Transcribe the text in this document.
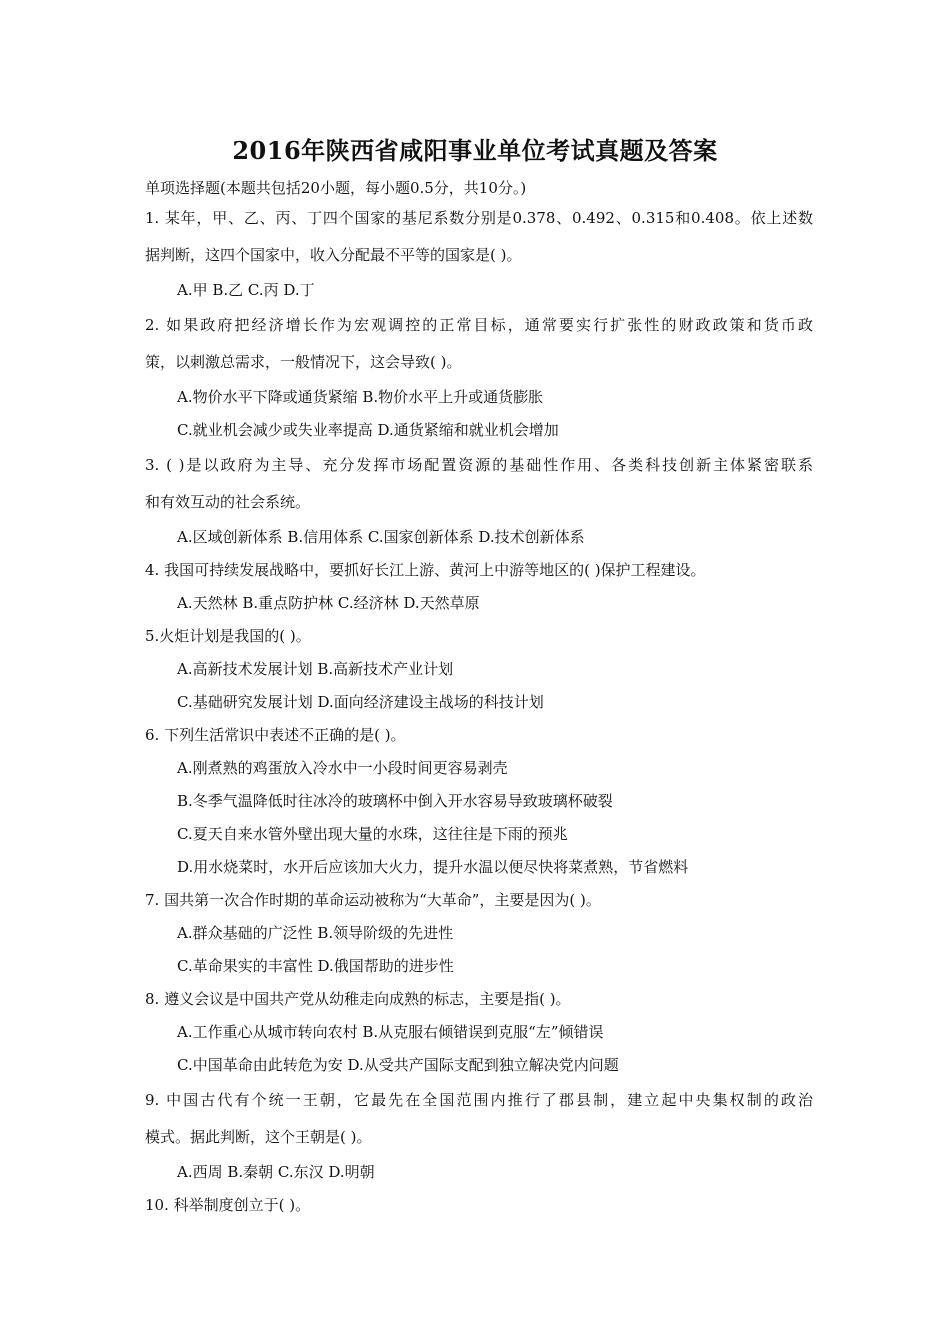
2016年陕西省咸阳事业单位考试真题及答案
单项选择题(本题共包括20小题，每小题0.5分，共10分。)
1. 某年，甲、乙、丙、丁四个国家的基尼系数分别是0.378、0.492、0.315和0.408。依上述数
据判断，这四个国家中，收入分配最不平等的国家是( )。
A.甲 B.乙 C.丙 D.丁
2. 如果政府把经济增长作为宏观调控的正常目标，通常要实行扩张性的财政政策和货币政
策，以刺激总需求，一般情况下，这会导致( )。
A.物价水平下降或通货紧缩 B.物价水平上升或通货膨胀
C.就业机会减少或失业率提高 D.通货紧缩和就业机会增加
3. ( )是以政府为主导、充分发挥市场配置资源的基础性作用、各类科技创新主体紧密联系
和有效互动的社会系统。
A.区域创新体系 B.信用体系 C.国家创新体系 D.技术创新体系
4. 我国可持续发展战略中，要抓好长江上游、黄河上中游等地区的( )保护工程建设。
A.天然林 B.重点防护林 C.经济林 D.天然草原
5.火炬计划是我国的( )。
A.高新技术发展计划 B.高新技术产业计划
C.基础研究发展计划 D.面向经济建设主战场的科技计划
6. 下列生活常识中表述不正确的是( )。
A.刚煮熟的鸡蛋放入冷水中一小段时间更容易剥壳
B.冬季气温降低时往冰冷的玻璃杯中倒入开水容易导致玻璃杯破裂
C.夏天自来水管外壁出现大量的水珠，这往往是下雨的预兆
D.用水烧菜时，水开后应该加大火力，提升水温以便尽快将菜煮熟，节省燃料
7. 国共第一次合作时期的革命运动被称为“大革命”，主要是因为( )。
A.群众基础的广泛性 B.领导阶级的先进性
C.革命果实的丰富性 D.俄国帮助的进步性
8. 遵义会议是中国共产党从幼稚走向成熟的标志，主要是指( )。
A.工作重心从城市转向农村 B.从克服右倾错误到克服“左”倾错误
C.中国革命由此转危为安 D.从受共产国际支配到独立解决党内问题
9. 中国古代有个统一王朝，它最先在全国范围内推行了郡县制，建立起中央集权制的政治
模式。据此判断，这个王朝是( )。
A.西周 B.秦朝 C.东汉 D.明朝
10. 科举制度创立于( )。
